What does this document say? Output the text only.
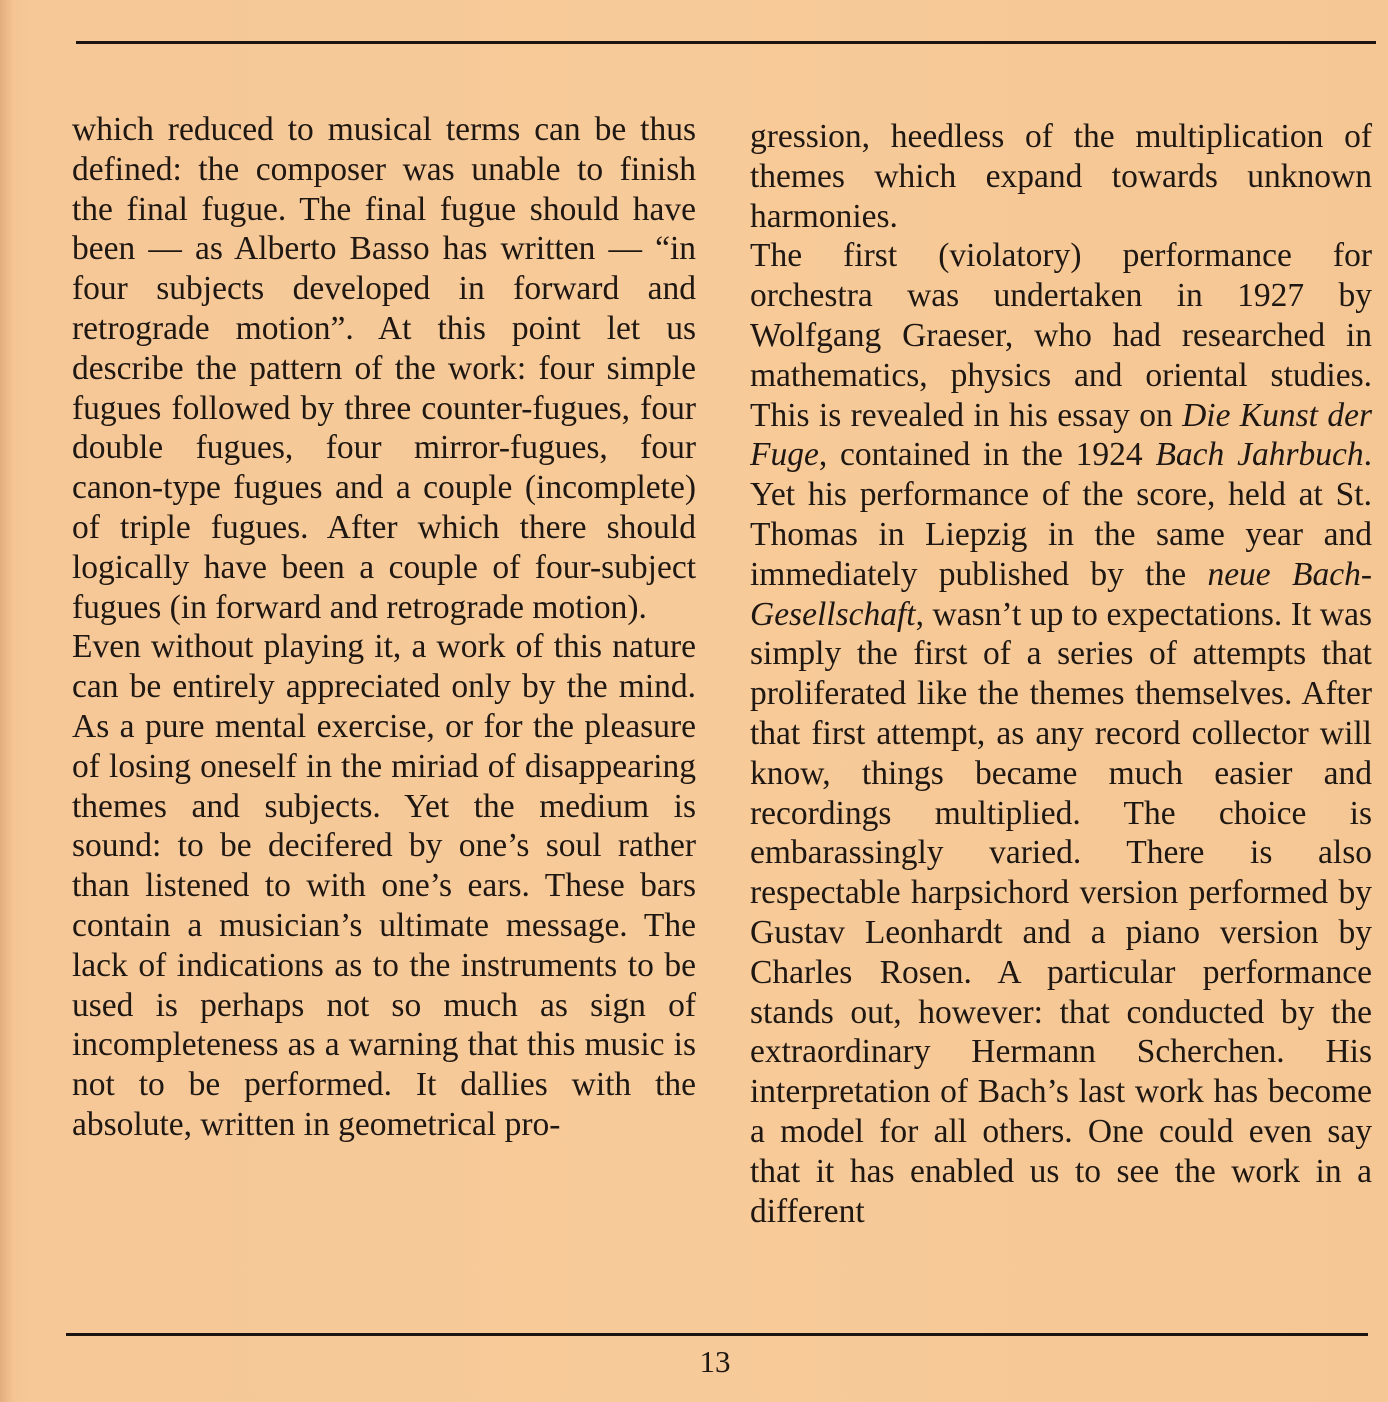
which reduced to musical terms can be thus defined: the composer was unable to finish the final fugue. The final fugue should have been — as Alberto Basso has written — “in four subjects developed in forward and retrograde motion”. At this point let us describe the pattern of the work: four simple fugues followed by three counter-fugues, four double fugues, four mirror-fugues, four canon-type fugues and a couple (incomplete) of triple fugues. After which there should logically have been a couple of four-subject fugues (in forward and retrograde motion).

Even without playing it, a work of this nature can be entirely appreciated only by the mind. As a pure mental exercise, or for the pleasure of losing oneself in the miriad of disappearing themes and subjects. Yet the medium is sound: to be decifered by one’s soul rather than listened to with one’s ears. These bars contain a musician’s ultimate message. The lack of indications as to the instruments to be used is perhaps not so much as sign of incompleteness as a warning that this music is not to be performed. It dallies with the absolute, written in geometrical pro-

gression, heedless of the multiplication of themes which expand towards unknown harmonies.

The first (violatory) performance for orchestra was undertaken in 1927 by Wolfgang Graeser, who had researched in mathematics, physics and oriental studies. This is revealed in his essay on Die Kunst der Fuge, contained in the 1924 Bach Jahrbuch. Yet his performance of the score, held at St. Thomas in Liepzig in the same year and immediately published by the neue Bach-Gesellschaft, wasn’t up to expectations. It was simply the first of a series of attempts that proliferated like the themes themselves. After that first attempt, as any record collector will know, things became much easier and recordings multiplied. The choice is embarassingly varied. There is also respectable harpsichord version performed by Gustav Leonhardt and a piano version by Charles Rosen. A particular performance stands out, however: that conducted by the extraordinary Hermann Scherchen. His interpretation of Bach’s last work has become a model for all others. One could even say that it has enabled us to see the work in a different

13
